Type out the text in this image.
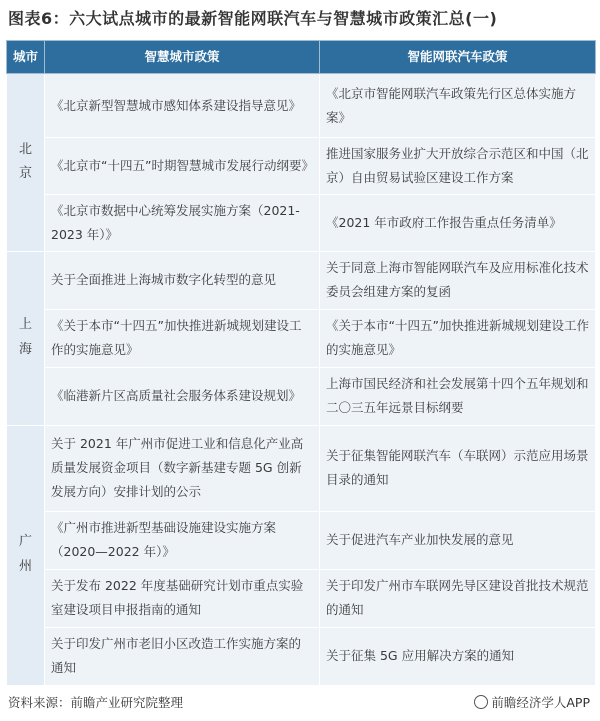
图表6：六大试点城市的最新智能网联汽车与智慧城市政策汇总(一)
城市	智慧城市政策	智能网联汽车政策
北京	《北京新型智慧城市感知体系建设指导意见》	《北京市智能网联汽车政策先行区总体实施方案》
	《北京市“十四五”时期智慧城市发展行动纲要》	推进国家服务业扩大开放综合示范区和中国（北京）自由贸易试验区建设工作方案
	《北京市数据中心统筹发展实施方案（2021-2023 年）》	《2021 年市政府工作报告重点任务清单》
上海	关于全面推进上海城市数字化转型的意见	关于同意上海市智能网联汽车及应用标准化技术委员会组建方案的复函
	《关于本市“十四五”加快推进新城规划建设工作的实施意见》	《关于本市“十四五”加快推进新城规划建设工作的实施意见》
	《临港新片区高质量社会服务体系建设规划》	上海市国民经济和社会发展第十四个五年规划和二〇三五年远景目标纲要
广州	关于 2021 年广州市促进工业和信息化产业高质量发展资金项目（数字新基建专题 5G 创新发展方向）安排计划的公示	关于征集智能网联汽车（车联网）示范应用场景目录的通知
	《广州市推进新型基础设施建设实施方案（2020—2022 年）》	关于促进汽车产业加快发展的意见
	关于发布 2022 年度基础研究计划市重点实验室建设项目申报指南的通知	关于印发广州市车联网先导区建设首批技术规范的通知
	关于印发广州市老旧小区改造工作实施方案的通知	关于征集 5G 应用解决方案的通知
资料来源：前瞻产业研究院整理	前瞻经济学人APP
